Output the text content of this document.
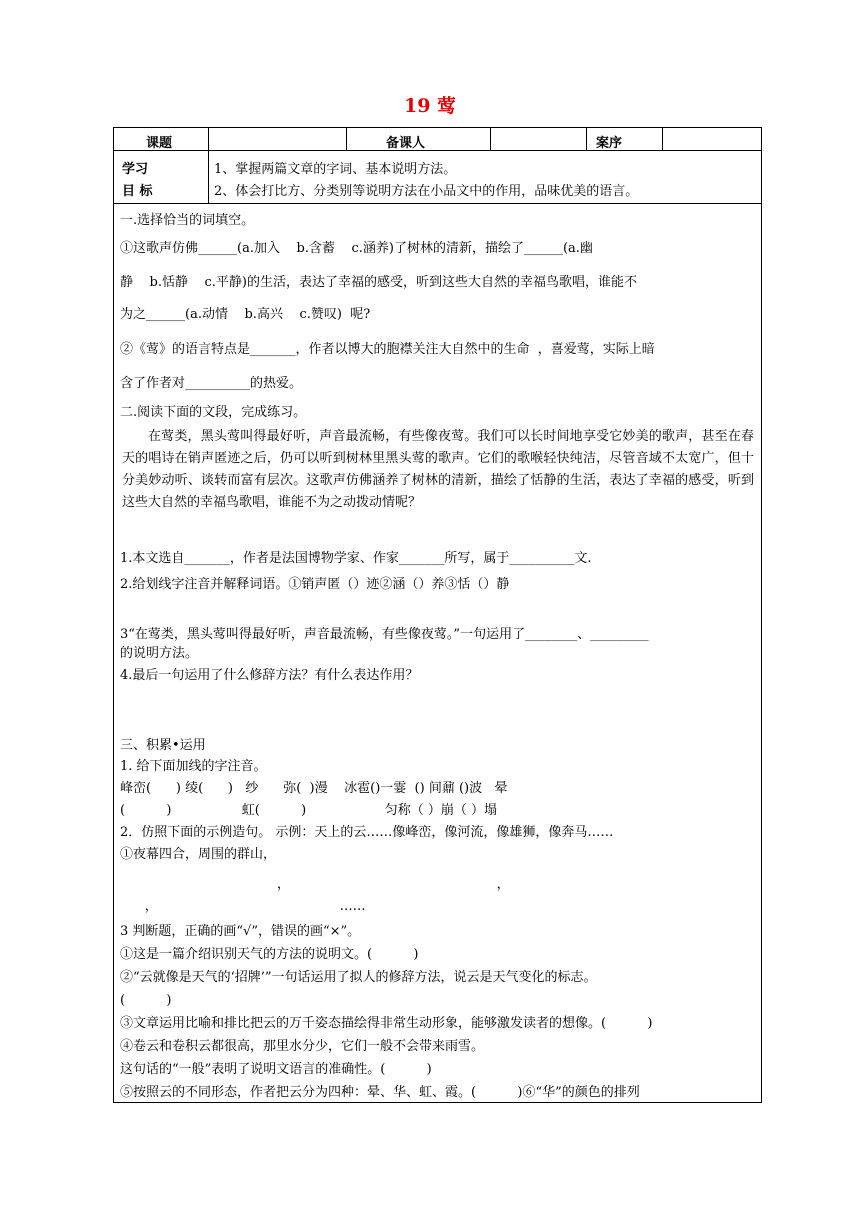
19 莺
课题	备课人	案序
学习
目 标
1、掌握两篇文章的字词、基本说明方法。
2、体会打比方、分类别等说明方法在小品文中的作用，品味优美的语言。
一.选择恰当的词填空。
①这歌声仿佛______(a.加入    b.含蓄    c.涵养)了树林的清新，描绘了______(a.幽
静    b.恬静    c.平静)的生活，表达了幸福的感受，听到这些大自然的幸福鸟歌唱，谁能不
为之______(a.动情    b.高兴    c.赞叹)  呢?
②《莺》的语言特点是_______，作者以博大的胞襟关注大自然中的生命  ，喜爱莺，实际上暗
含了作者对__________的热爱。
二.阅读下面的文段，完成练习。
在莺类，黑头莺叫得最好听，声音最流畅，有些像夜莺。我们可以长时间地享受它妙美的歌声，甚至在春天的唱诗在销声匿迹之后，仍可以听到树林里黑头莺的歌声。它们的歌喉轻快纯洁，尽管音域不太宽广，但十分美妙动听、谈转而富有层次。这歌声仿佛涵养了树林的清新，描绘了恬静的生活，表达了幸福的感受，听到这些大自然的幸福鸟歌唱，谁能不为之动拨动情呢？
1.本文选自_______，作者是法国博物学家、作家_______所写，属于__________文.
2.给划线字注音并解释词语。①销声匿（）迹②涵（）养③恬（）静
3“在莺类，黑头莺叫得最好听，声音最流畅，有些像夜莺。”一句运用了________、_________
的说明方法。
4.最后一句运用了什么修辞方法？有什么表达作用？
三、积累•运用
1. 给下面加线的字注音。
峰峦(      ) 绫(      )   纱      弥(  )漫    冰雹()一霎  () 间鼐 ()波   晕
(          )                 虹(          )                   匀称（ ）崩（ ）塌
2．仿照下面的示例造句。 示例：天上的云……像峰峦，像河流，像雄狮，像奔马……
①夜幕四合，周围的群山，
，                                                  ，
，                                            ……
3 判断题，正确的画“√”，错误的画“×”。
①这是一篇介绍识别天气的方法的说明文。(          )
②“云就像是天气的‘招牌’”一句话运用了拟人的修辞方法，说云是天气变化的标志。
(          )
③文章运用比喻和排比把云的万千姿态描绘得非常生动形象，能够激发读者的想像。(          )
④卷云和卷积云都很高，那里水分少，它们一般不会带来雨雪。
这句话的“一般”表明了说明文语言的准确性。(          )
⑤按照云的不同形态，作者把云分为四种：晕、华、虹、霞。(          )⑥“华”的颜色的排列
